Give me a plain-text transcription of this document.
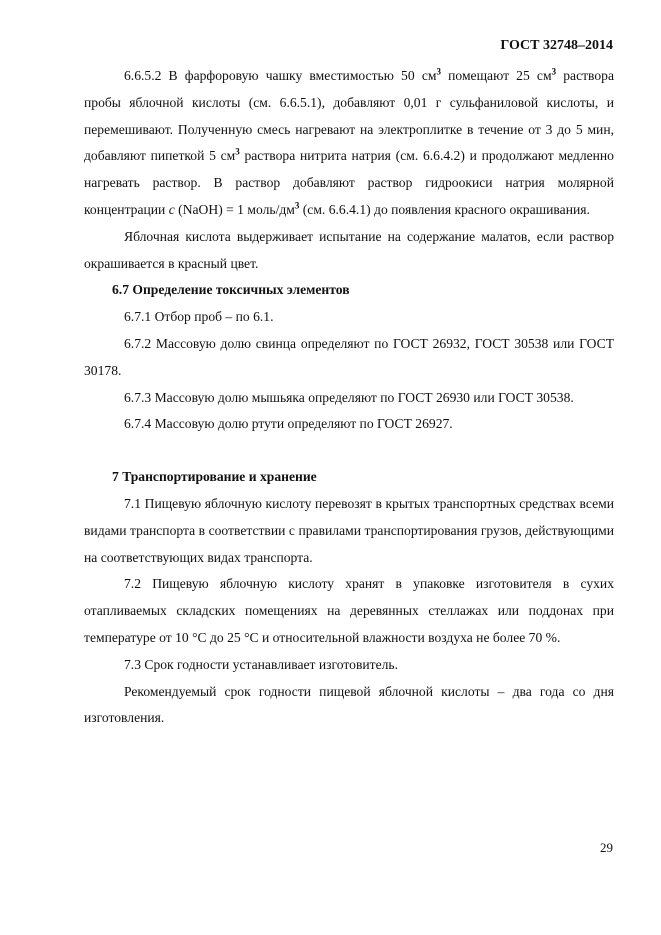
ГОСТ 32748–2014

6.6.5.2 В фарфоровую чашку вместимостью 50 $см^3$ помещают 25 $см^3$ раствора пробы яблочной кислоты (см. 6.6.5.1), добавляют 0,01 г сульфаниловой кислоты, и перемешивают. Полученную смесь нагревают на электроплитке в течение от 3 до 5 мин, добавляют пипеткой 5 $см^3$ раствора нитрита натрия (см. 6.6.4.2) и продолжают медленно нагревать раствор. В раствор добавляют раствор гидроокиси натрия молярной концентрации c (NaOH) = 1 моль/$дм^3$ (см. 6.6.4.1) до появления красного окрашивания.

Яблочная кислота выдерживает испытание на содержание малатов, если раствор окрашивается в красный цвет.

6.7 Определение токсичных элементов

6.7.1 Отбор проб – по 6.1.

6.7.2 Массовую долю свинца определяют по ГОСТ 26932, ГОСТ 30538 или ГОСТ 30178.

6.7.3 Массовую долю мышьяка определяют по ГОСТ 26930 или ГОСТ 30538.

6.7.4 Массовую долю ртути определяют по ГОСТ 26927.

7 Транспортирование и хранение

7.1 Пищевую яблочную кислоту перевозят в крытых транспортных средствах всеми видами транспорта в соответствии с правилами транспортирования грузов, действующими на соответствующих видах транспорта.

7.2 Пищевую яблочную кислоту хранят в упаковке изготовителя в сухих отапливаемых складских помещениях на деревянных стеллажах или поддонах при температуре от 10 °С до 25 °С и относительной влажности воздуха не более 70 %.

7.3 Срок годности устанавливает изготовитель.

Рекомендуемый срок годности пищевой яблочной кислоты – два года со дня изготовления.

29
